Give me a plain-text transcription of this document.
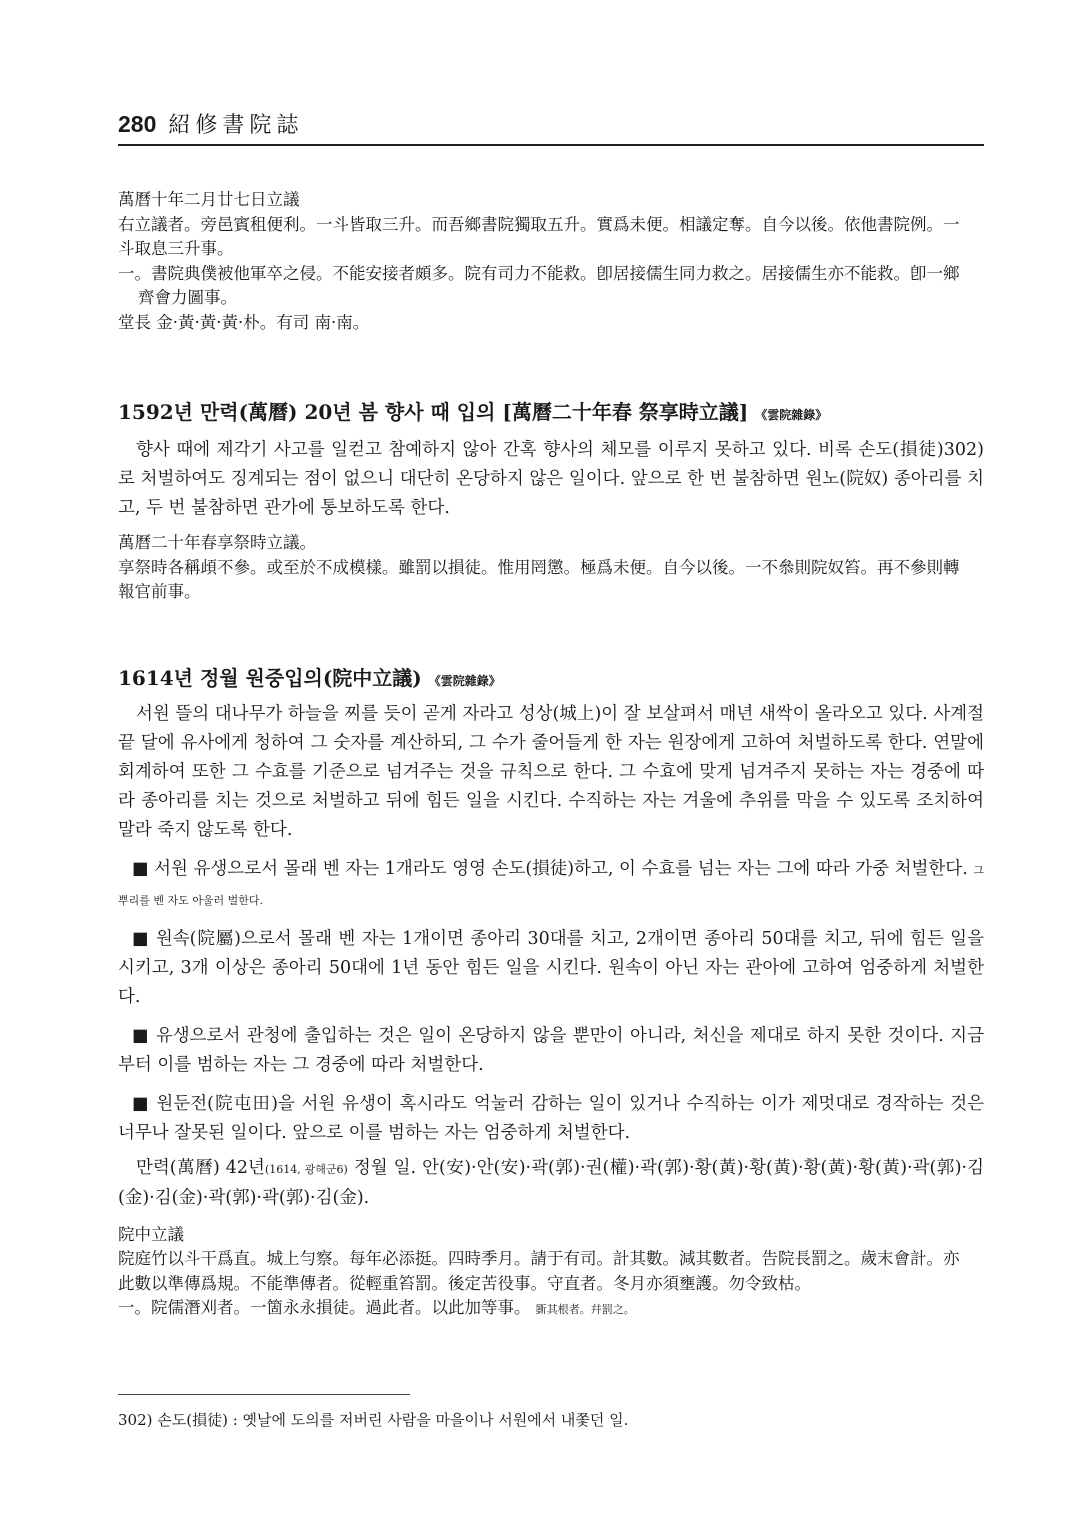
280 紹修書院誌

萬曆十年二月廿七日立議

右立議者。旁邑賓租便利。一斗皆取三升。而吾鄉書院獨取五升。實爲未便。相議定奪。自今以後。依他書院例。一

斗取息三升事。

一。書院典僕被他軍卒之侵。不能安接者頗多。院有司力不能救。卽居接儒生同力救之。居接儒生亦不能救。卽一鄉

齊會力圖事。

堂長 金·黃·黃·黃·朴。有司 南·南。

1592년 만력(萬曆) 20년 봄 향사 때 입의 [萬曆二十年春 祭享時立議] 《雲院雜錄》

향사 때에 제각기 사고를 일컫고 참예하지 않아 간혹 향사의 체모를 이루지 못하고 있다. 비록 손도(損徒)302)로 처벌하여도 징계되는 점이 없으니 대단히 온당하지 않은 일이다. 앞으로 한 번 불참하면 원노(院奴) 종아리를 치고, 두 번 불참하면 관가에 통보하도록 한다.

萬曆二十年春享祭時立議。

享祭時各稱頉不參。或至於不成模樣。雖罰以損徒。惟用罔懲。極爲未便。自今以後。一不叅則院奴笞。再不參則轉

報官前事。

1614년 정월 원중입의(院中立議) 《雲院雜錄》

서원 뜰의 대나무가 하늘을 찌를 듯이 곧게 자라고 성상(城上)이 잘 보살펴서 매년 새싹이 올라오고 있다. 사계절 끝 달에 유사에게 청하여 그 숫자를 계산하되, 그 수가 줄어들게 한 자는 원장에게 고하여 처벌하도록 한다. 연말에 회계하여 또한 그 수효를 기준으로 넘겨주는 것을 규칙으로 한다. 그 수효에 맞게 넘겨주지 못하는 자는 경중에 따라 종아리를 치는 것으로 처벌하고 뒤에 힘든 일을 시킨다. 수직하는 자는 겨울에 추위를 막을 수 있도록 조치하여 말라 죽지 않도록 한다.

■ 서원 유생으로서 몰래 벤 자는 1개라도 영영 손도(損徒)하고, 이 수효를 넘는 자는 그에 따라 가중 처벌한다. 그 뿌리를 벤 자도 아울러 벌한다.

■ 원속(院屬)으로서 몰래 벤 자는 1개이면 종아리 30대를 치고, 2개이면 종아리 50대를 치고, 뒤에 힘든 일을 시키고, 3개 이상은 종아리 50대에 1년 동안 힘든 일을 시킨다. 원속이 아닌 자는 관아에 고하여 엄중하게 처벌한다.

■ 유생으로서 관청에 출입하는 것은 일이 온당하지 않을 뿐만이 아니라, 처신을 제대로 하지 못한 것이다. 지금부터 이를 범하는 자는 그 경중에 따라 처벌한다.

■ 원둔전(院屯田)을 서원 유생이 혹시라도 억눌러 감하는 일이 있거나 수직하는 이가 제멋대로 경작하는 것은 너무나 잘못된 일이다. 앞으로 이를 범하는 자는 엄중하게 처벌한다.

만력(萬曆) 42년(1614, 광해군6) 정월 일. 안(安)·안(安)·곽(郭)·권(權)·곽(郭)·황(黃)·황(黃)·황(黃)·황(黃)·곽(郭)·김(金)·김(金)·곽(郭)·곽(郭)·김(金).

院中立議

院庭竹以斗干爲直。城上勻察。每年必添挺。四時季月。請于有司。計其數。減其數者。告院長罰之。歲末會計。亦

此數以準傳爲規。不能準傳者。從輕重笞罰。後定苦役事。守直者。冬月亦須壅護。勿令致枯。

一。院儒潛刈者。一箇永永損徒。過此者。以此加等事。 斵其根者。幷罰之。

302) 손도(損徒) : 옛날에 도의를 저버린 사람을 마을이나 서원에서 내쫓던 일.
